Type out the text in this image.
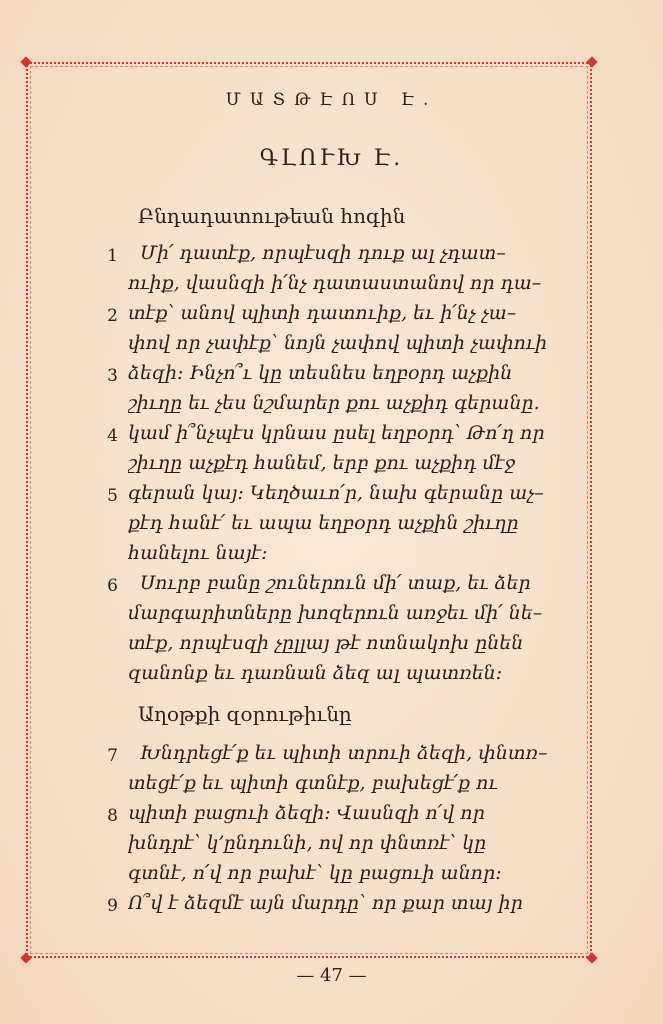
ՄԱՏԹԷՈՍ Է.
ԳԼՈՒԽ Է.
Բնդադատութեան հոգին
1 Մի՛ դատէք, որպէսզի դուք ալ չդատ–
ուիք, վասնզի ի՛նչ դատաստանով որ դա–
2 տէք՝ անով պիտի դատուիք, եւ ի՛նչ չա–
փով որ չափէք՝ նոյն չափով պիտի չափուի
3 ձեզի։ Ինչո՞ւ կը տեսնես եղբօրդ աչքին
շիւղը եւ չես նշմարեր քու աչքիդ գերանը.
4 կամ ի՞նչպէս կրնաս ըսել եղբօրդ՝ Թո՛ղ որ
շիւղը աչքէդ հանեմ, երբ քու աչքիդ մէջ
5 գերան կայ։ Կեղծաւո՛ր, նախ գերանը աչ–
քէդ հանէ՛ եւ ապա եղբօրդ աչքին շիւղը
հանելու նայէ։
6 Սուրբ բանը շուներուն մի՛ տաք, եւ ձեր
մարգարիտները խոզերուն առջեւ մի՛ նե–
տէք, որպէսզի չըլլայ թէ ոտնակոխ ընեն
զանոնք եւ դառնան ձեզ ալ պատռեն։
Աղօթքի զօրութիւնը
7 Խնդրեցէ՛ք եւ պիտի տրուի ձեզի, փնտռ–
տեցէ՛ք եւ պիտի գտնէք, բախեցէ՛ք ու
8 պիտի բացուի ձեզի։ Վասնզի ո՛վ որ
խնդրէ՝ կ՚ընդունի, ով որ փնտռէ՝ կը
գտնէ, ո՛վ որ բախէ՝ կը բացուի անոր։
9 Ո՞վ է ձեզմէ այն մարդը՝ որ քար տայ իր
— 47 —
